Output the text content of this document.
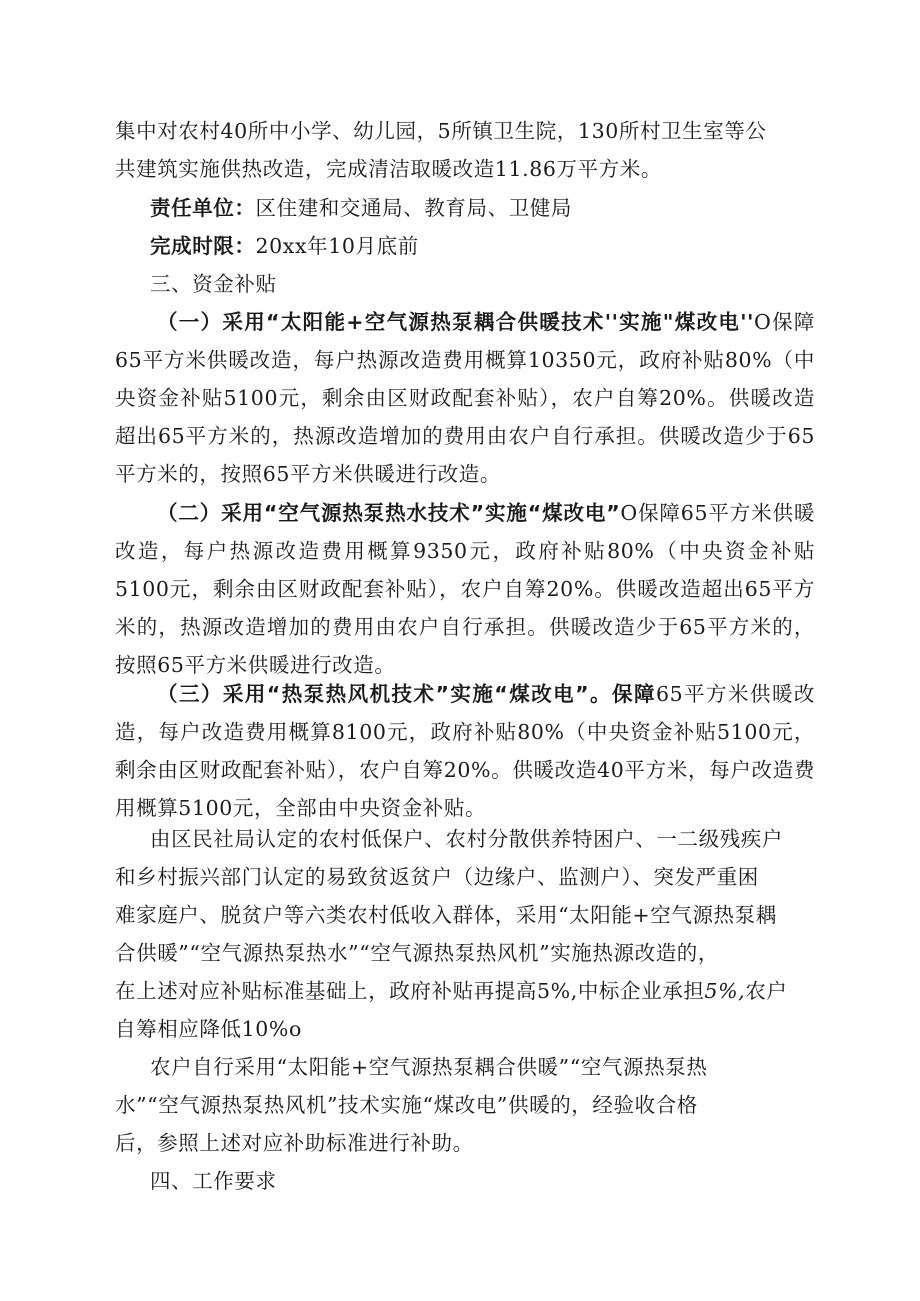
集中对农村40所中小学、幼儿园，5所镇卫生院，130所村卫生室等公

共建筑实施供热改造，完成清洁取暖改造11.86万平方米。

责任单位：区住建和交通局、教育局、卫健局

完成时限：20xx年10月底前

三、资金补贴

（一）采用“太阳能+空气源热泵耦合供暖技术''实施"煤改电''O保障65平方米供暖改造，每户热源改造费用概算10350元，政府补贴80%（中央资金补贴5100元，剩余由区财政配套补贴），农户自筹20%。供暖改造超出65平方米的，热源改造增加的费用由农户自行承担。供暖改造少于65平方米的，按照65平方米供暖进行改造。

（二）采用“空气源热泵热水技术”实施“煤改电”O保障65平方米供暖改造，每户热源改造费用概算9350元，政府补贴80%（中央资金补贴5100元，剩余由区财政配套补贴），农户自筹20%。供暖改造超出65平方米的，热源改造增加的费用由农户自行承担。供暖改造少于65平方米的，按照65平方米供暖进行改造。

（三）采用“热泵热风机技术”实施“煤改电”。保障65平方米供暖改造，每户改造费用概算8100元，政府补贴80%（中央资金补贴5100元，剩余由区财政配套补贴），农户自筹20%。供暖改造40平方米，每户改造费用概算5100元，全部由中央资金补贴。

由区民社局认定的农村低保户、农村分散供养特困户、一二级残疾户

和乡村振兴部门认定的易致贫返贫户（边缘户、监测户）、突发严重困

难家庭户、脱贫户等六类农村低收入群体，采用“太阳能+空气源热泵耦

合供暖”“空气源热泵热水”“空气源热泵热风机”实施热源改造的，

在上述对应补贴标准基础上，政府补贴再提高5%,中标企业承担5%,农户

自筹相应降低10%o

农户自行采用“太阳能+空气源热泵耦合供暖”“空气源热泵热

水”“空气源热泵热风机”技术实施“煤改电”供暖的，经验收合格

后，参照上述对应补助标准进行补助。

四、工作要求
